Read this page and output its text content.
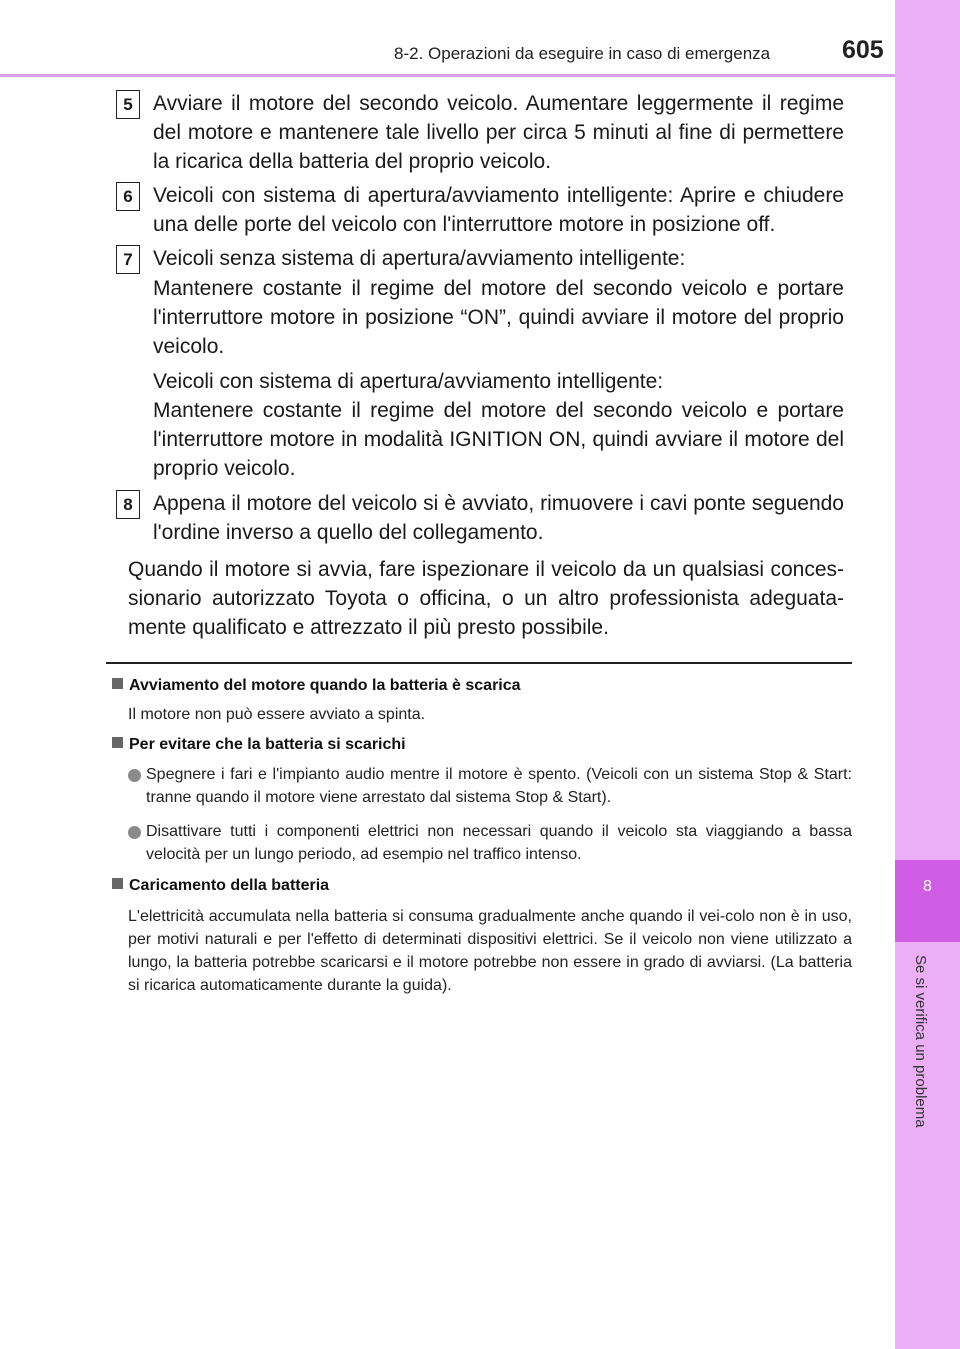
8-2. Operazioni da eseguire in caso di emergenza	605
8
Se si verifica un problema
5 Avviare il motore del secondo veicolo. Aumentare leggermente il regime del motore e mantenere tale livello per circa 5 minuti al fine di permettere la ricarica della batteria del proprio veicolo.

6 Veicoli con sistema di apertura/avviamento intelligente: Aprire e chiudere una delle porte del veicolo con l'interruttore motore in posizione off.

7 Veicoli senza sistema di apertura/avviamento intelligente:

Mantenere costante il regime del motore del secondo veicolo e portare l'interruttore motore in posizione “ON”, quindi avviare il motore del proprio veicolo.

Veicoli con sistema di apertura/avviamento intelligente:

Mantenere costante il regime del motore del secondo veicolo e portare l'interruttore motore in modalità IGNITION ON, quindi avviare il motore del proprio veicolo.

8 Appena il motore del veicolo si è avviato, rimuovere i cavi ponte seguendo l'ordine inverso a quello del collegamento.

Quando il motore si avvia, fare ispezionare il veicolo da un qualsiasi conces-sionario autorizzato Toyota o officina, o un altro professionista adeguata-mente qualificato e attrezzato il più presto possibile.

Avviamento del motore quando la batteria è scarica

Il motore non può essere avviato a spinta.

Per evitare che la batteria si scarichi

Spegnere i fari e l'impianto audio mentre il motore è spento. (Veicoli con un sistema Stop & Start: tranne quando il motore viene arrestato dal sistema Stop & Start).

Disattivare tutti i componenti elettrici non necessari quando il veicolo sta viaggiando a bassa velocità per un lungo periodo, ad esempio nel traffico intenso.

Caricamento della batteria

L'elettricità accumulata nella batteria si consuma gradualmente anche quando il vei-colo non è in uso, per motivi naturali e per l'effetto di determinati dispositivi elettrici. Se il veicolo non viene utilizzato a lungo, la batteria potrebbe scaricarsi e il motore potrebbe non essere in grado di avviarsi. (La batteria si ricarica automaticamente durante la guida).
